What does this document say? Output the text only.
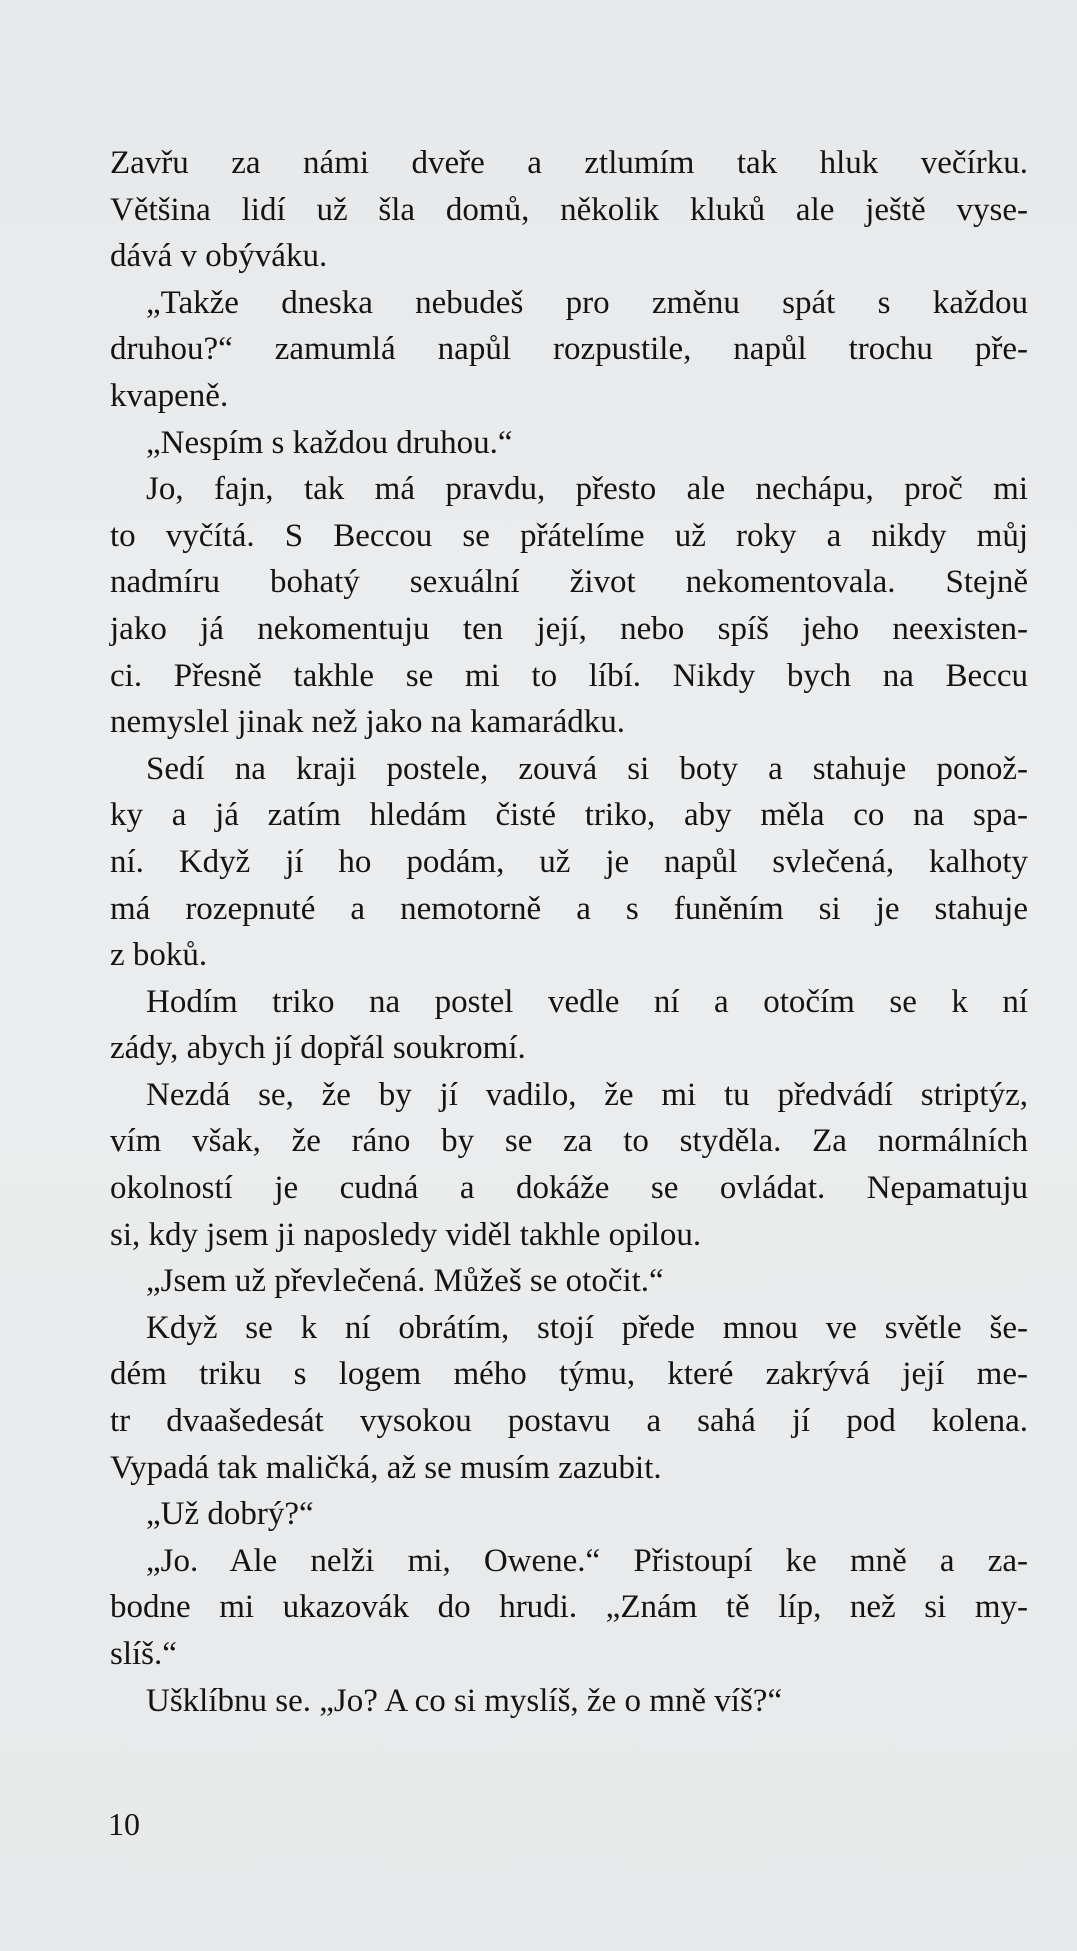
Zavřu za námi dveře a ztlumím tak hluk večírku.
Většina lidí už šla domů, několik kluků ale ještě vyse-
dává v obýváku.
„Takže dneska nebudeš pro změnu spát s každou
druhou?“ zamumlá napůl rozpustile, napůl trochu pře-
kvapeně.
„Nespím s každou druhou.“
Jo, fajn, tak má pravdu, přesto ale nechápu, proč mi
to vyčítá. S Beccou se přátelíme už roky a nikdy můj
nadmíru bohatý sexuální život nekomentovala. Stejně
jako já nekomentuju ten její, nebo spíš jeho neexisten-
ci. Přesně takhle se mi to líbí. Nikdy bych na Beccu
nemyslel jinak než jako na kamarádku.
Sedí na kraji postele, zouvá si boty a stahuje ponož-
ky a já zatím hledám čisté triko, aby měla co na spa-
ní. Když jí ho podám, už je napůl svlečená, kalhoty
má rozepnuté a nemotorně a s funěním si je stahuje
z boků.
Hodím triko na postel vedle ní a otočím se k ní
zády, abych jí dopřál soukromí.
Nezdá se, že by jí vadilo, že mi tu předvádí striptýz,
vím však, že ráno by se za to styděla. Za normálních
okolností je cudná a dokáže se ovládat. Nepamatuju
si, kdy jsem ji naposledy viděl takhle opilou.
„Jsem už převlečená. Můžeš se otočit.“
Když se k ní obrátím, stojí přede mnou ve světle še-
dém triku s logem mého týmu, které zakrývá její me-
tr dvaašedesát vysokou postavu a sahá jí pod kolena.
Vypadá tak maličká, až se musím zazubit.
„Už dobrý?“
„Jo. Ale nelži mi, Owene.“ Přistoupí ke mně a za-
bodne mi ukazovák do hrudi. „Znám tě líp, než si my-
slíš.“
Ušklíbnu se. „Jo? A co si myslíš, že o mně víš?“
10
